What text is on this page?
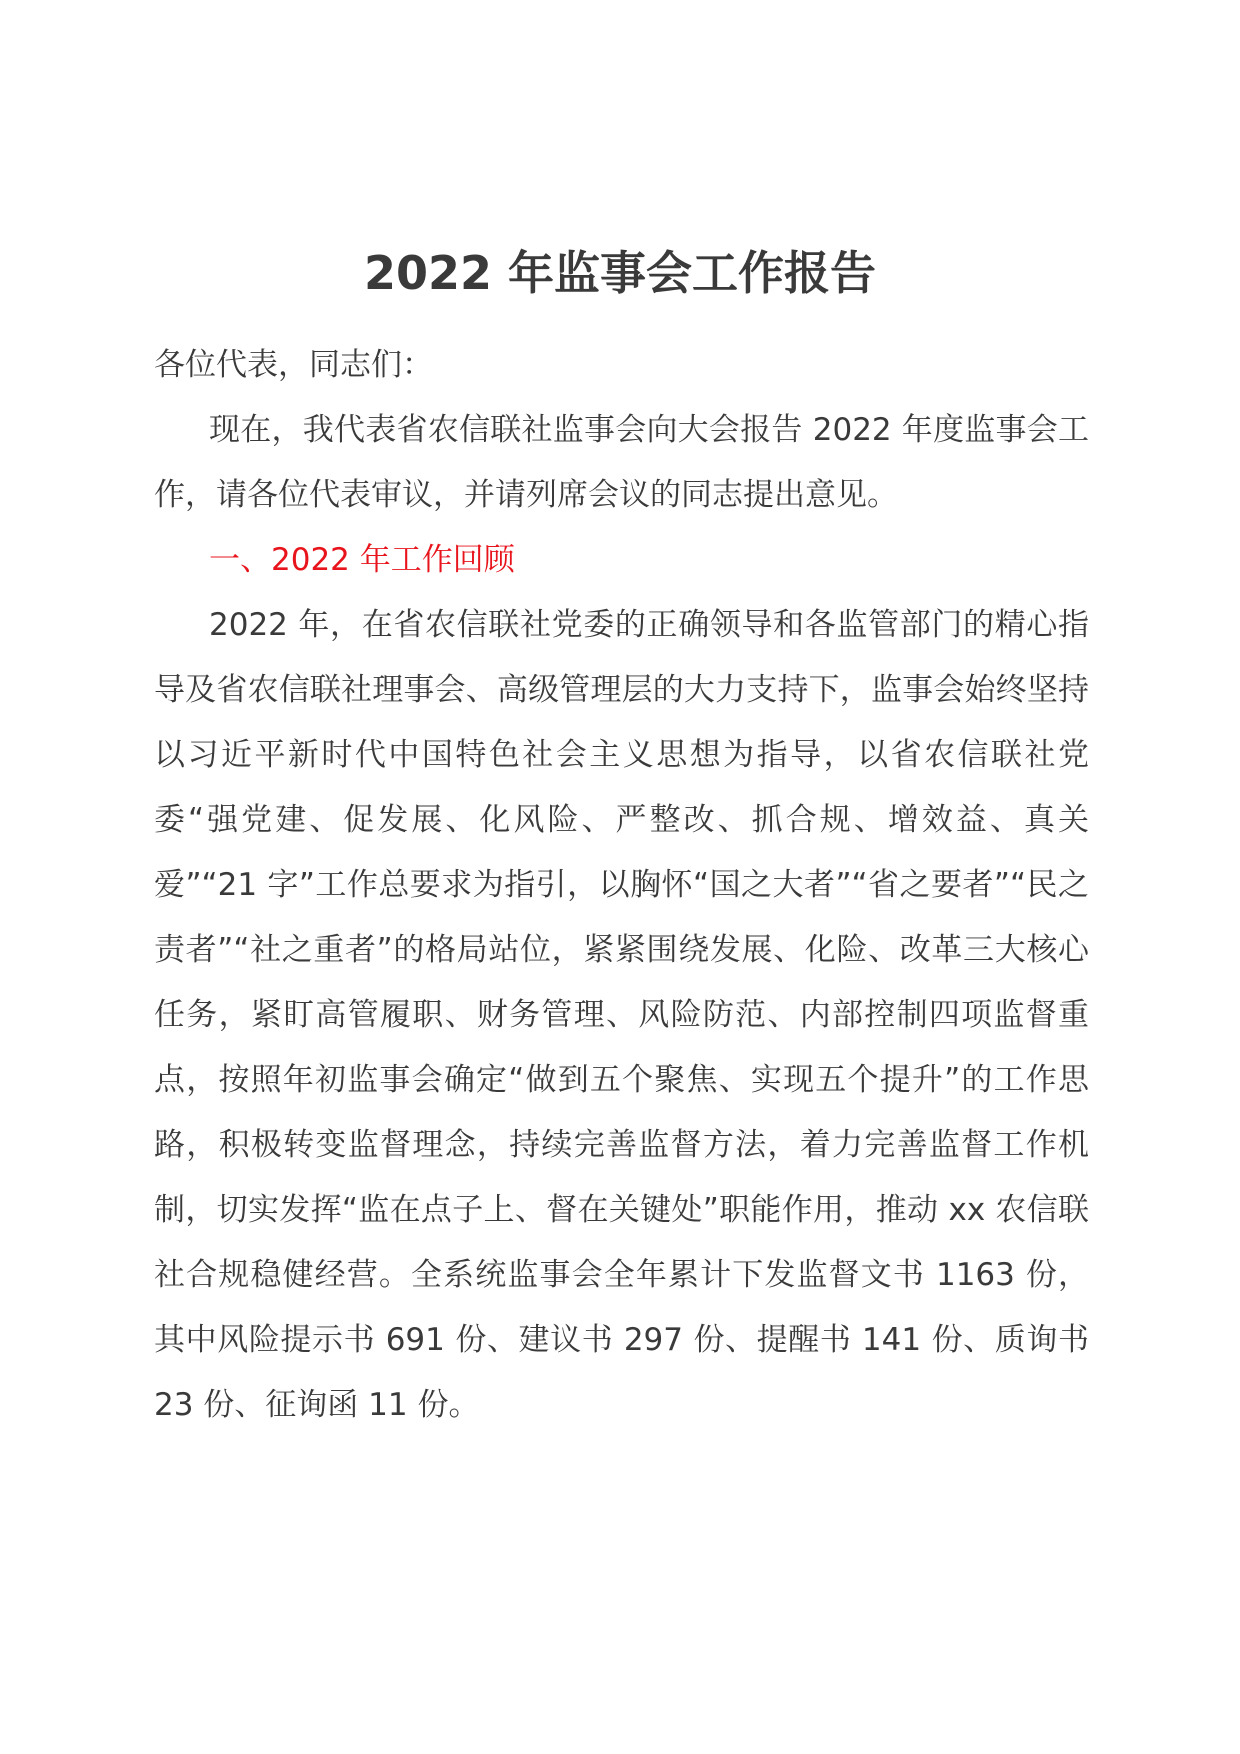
2022 年监事会工作报告

各位代表，同志们：

现在，我代表省农信联社监事会向大会报告 2022 年度监事会工作，请各位代表审议，并请列席会议的同志提出意见。

一、2022 年工作回顾

2022 年，在省农信联社党委的正确领导和各监管部门的精心指导及省农信联社理事会、高级管理层的大力支持下，监事会始终坚持以习近平新时代中国特色社会主义思想为指导，以省农信联社党委“强党建、促发展、化风险、严整改、抓合规、增效益、真关爱”“21 字”工作总要求为指引，以胸怀“国之大者”“省之要者”“民之责者”“社之重者”的格局站位，紧紧围绕发展、化险、改革三大核心任务，紧盯高管履职、财务管理、风险防范、内部控制四项监督重点，按照年初监事会确定“做到五个聚焦、实现五个提升”的工作思路，积极转变监督理念，持续完善监督方法，着力完善监督工作机制，切实发挥“监在点子上、督在关键处”职能作用，推动 xx 农信联社合规稳健经营。全系统监事会全年累计下发监督文书 1163 份，其中风险提示书 691 份、建议书 297 份、提醒书 141 份、质询书 23 份、征询函 11 份。
